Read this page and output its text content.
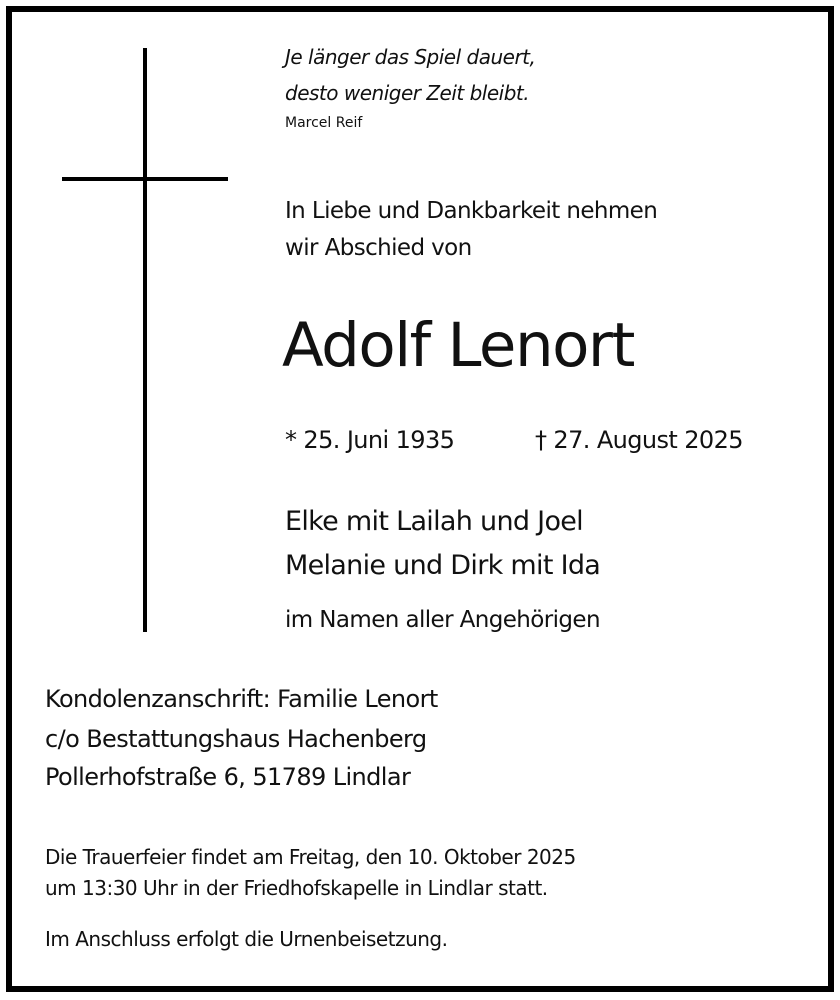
Je länger das Spiel dauert,
desto weniger Zeit bleibt.
Marcel Reif
In Liebe und Dankbarkeit nehmen
wir Abschied von
Adolf Lenort
* 25. Juni 1935	† 27. August 2025
Elke mit Lailah und Joel
Melanie und Dirk mit Ida
im Namen aller Angehörigen
Kondolenzanschrift: Familie Lenort
c/o Bestattungshaus Hachenberg
Pollerhofstraße 6, 51789 Lindlar
Die Trauerfeier findet am Freitag, den 10. Oktober 2025
um 13:30 Uhr in der Friedhofskapelle in Lindlar statt.
Im Anschluss erfolgt die Urnenbeisetzung.
